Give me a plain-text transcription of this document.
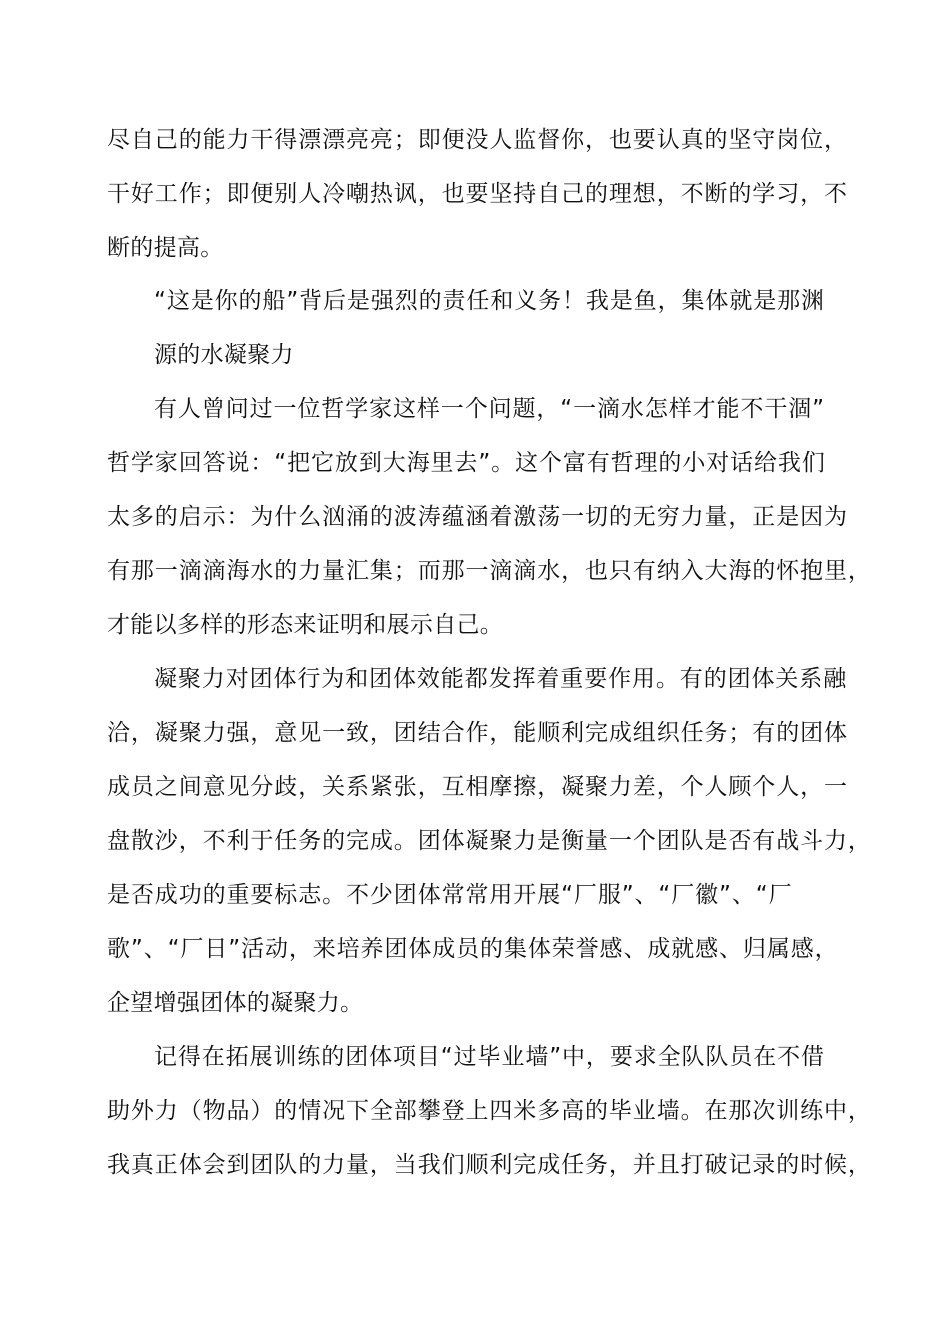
尽自己的能力干得漂漂亮亮；即便没人监督你，也要认真的坚守岗位，
干好工作；即便别人冷嘲热讽，也要坚持自己的理想，不断的学习，不
断的提高。
“这是你的船”背后是强烈的责任和义务！我是鱼，集体就是那渊
源的水凝聚力
有人曾问过一位哲学家这样一个问题，“一滴水怎样才能不干涸”
哲学家回答说：“把它放到大海里去”。这个富有哲理的小对话给我们
太多的启示：为什么汹涌的波涛蕴涵着激荡一切的无穷力量，正是因为
有那一滴滴海水的力量汇集；而那一滴滴水，也只有纳入大海的怀抱里，
才能以多样的形态来证明和展示自己。
凝聚力对团体行为和团体效能都发挥着重要作用。有的团体关系融
洽，凝聚力强，意见一致，团结合作，能顺利完成组织任务；有的团体
成员之间意见分歧，关系紧张，互相摩擦，凝聚力差，个人顾个人，一
盘散沙，不利于任务的完成。团体凝聚力是衡量一个团队是否有战斗力，
是否成功的重要标志。不少团体常常用开展“厂服”、“厂徽”、“厂
歌”、“厂日”活动，来培养团体成员的集体荣誉感、成就感、归属感，
企望增强团体的凝聚力。
记得在拓展训练的团体项目“过毕业墙”中，要求全队队员在不借
助外力（物品）的情况下全部攀登上四米多高的毕业墙。在那次训练中，
我真正体会到团队的力量，当我们顺利完成任务，并且打破记录的时候，
